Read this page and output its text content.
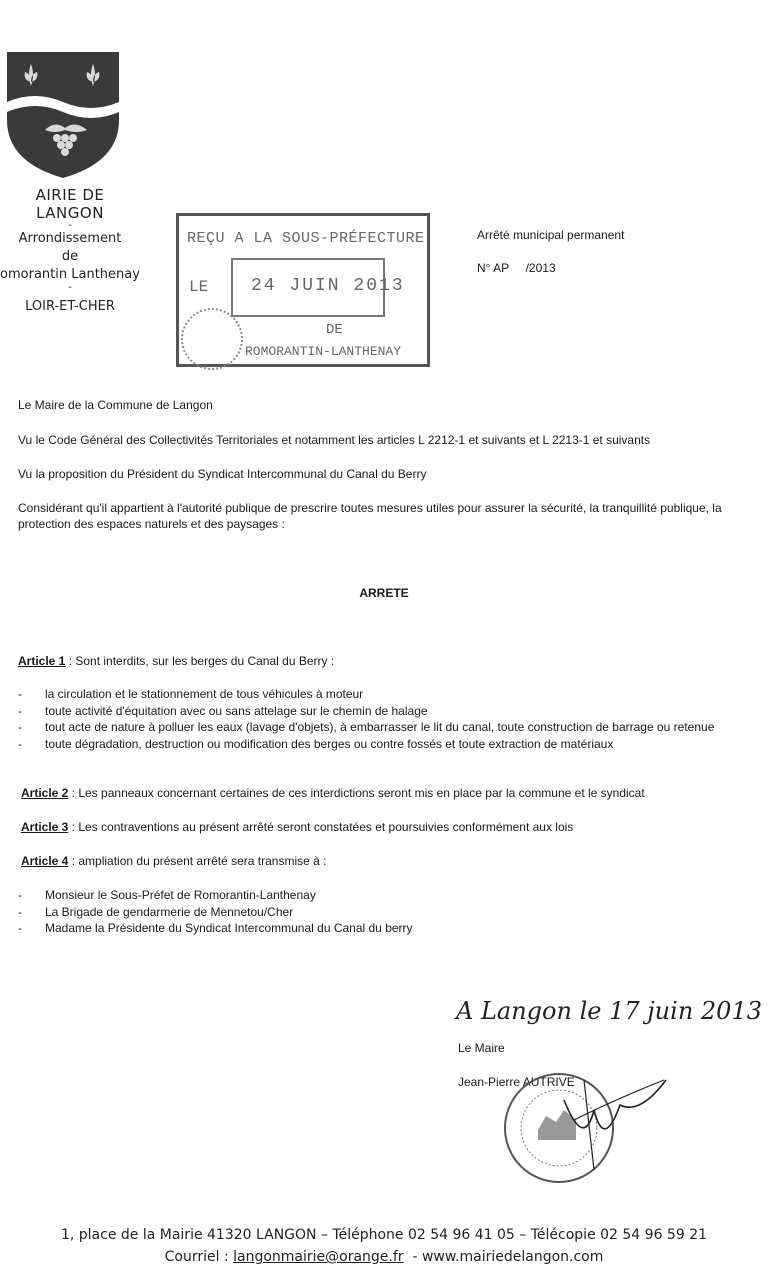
AIRIE DE LANGON
-
Arrondissement
de
omorantin Lanthenay
-
LOIR-ET-CHER
REÇU A LA SOUS-PRÉFECTURE
LE 24 JUIN 2013
DE
ROMORANTIN-LANTHENAY
Arrêté municipal permanent
N° AP     /2013
Le Maire de la Commune de Langon
Vu le Code Général des Collectivités Territoriales et notamment les articles L 2212-1 et suivants et L 2213-1 et suivants
Vu la proposition du Président du Syndicat Intercommunal du Canal du Berry
Considérant qu'il appartient à l'autorité publique de prescrire toutes mesures utiles pour assurer la sécurité, la tranquillité publique, la
protection des espaces naturels et des paysages :
ARRETE
Article 1 : Sont interdits, sur les berges du Canal du Berry :
-	la circulation et le stationnement de tous véhicules à moteur
-	toute activité d'équitation avec ou sans attelage sur le chemin de halage
-	tout acte de nature à polluer les eaux (lavage d'objets), à embarrasser le lit du canal, toute construction de barrage ou retenue
-	toute dégradation, destruction ou modification des berges ou contre fossés et toute extraction de matériaux
Article 2 : Les panneaux concernant certaines de ces interdictions seront mis en place par la commune et le syndicat
Article 3 : Les contraventions au présent arrêté seront constatées et poursuivies conformément aux lois
Article 4 : ampliation du présent arrêté sera transmise à :
-	Monsieur le Sous-Préfet de Romorantin-Lanthenay
-	La Brigade de gendarmerie de Mennetou/Cher
-	Madame la Présidente du Syndicat Intercommunal du Canal du berry
A Langon le 17 juin 2013
Le Maire
Jean-Pierre AUTRIVE
1, place de la Mairie 41320 LANGON – Téléphone 02 54 96 41 05 – Télécopie 02 54 96 59 21
Courriel : langonmairie@orange.fr  - www.mairiedelangon.com
